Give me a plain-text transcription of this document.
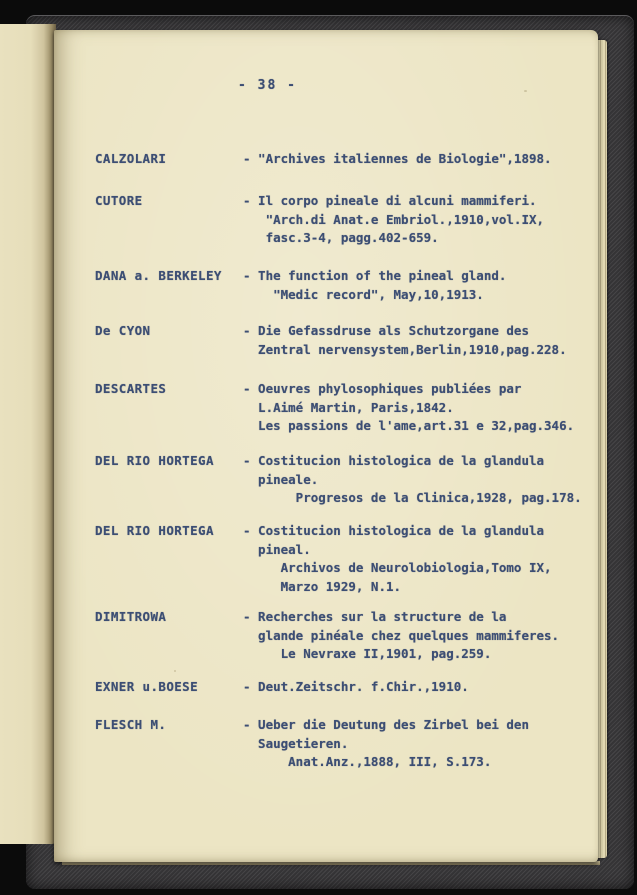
- 38 -
CALZOLARI	- "Archives italiennes de Biologie",1898.
CUTORE	- Il corpo pineale di alcuni mammiferi.
"Arch.di Anat.e Embriol.,1910,vol.IX,
fasc.3-4, pagg.402-659.
DANA a. BERKELEY - The function of the pineal gland.
"Medic record", May,10,1913.
De CYON	- Die Gefassdruse als Schutzorgane des
Zentral nervensystem,Berlin,1910,pag.228.
DESCARTES	- Oeuvres phylosophiques publiées par
L.Aimé Martin, Paris,1842.
Les passions de l'ame,art.31 e 32,pag.346.
DEL RIO HORTEGA - Costitucion histologica de la glandula
pineale.
Progresos de la Clinica,1928, pag.178.
DEL RIO HORTEGA - Costitucion histologica de la glandula
pineal.
Archivos de Neurolobiologia,Tomo IX,
Marzo 1929, N.1.
DIMITROWA	- Recherches sur la structure de la
glande pinéale chez quelques mammiferes.
Le Nevraxe II,1901, pag.259.
EXNER u.BOESE	- Deut.Zeitschr. f.Chir.,1910.
FLESCH M.	- Ueber die Deutung des Zirbel bei den
Saugetieren.
Anat.Anz.,1888, III, S.173.
